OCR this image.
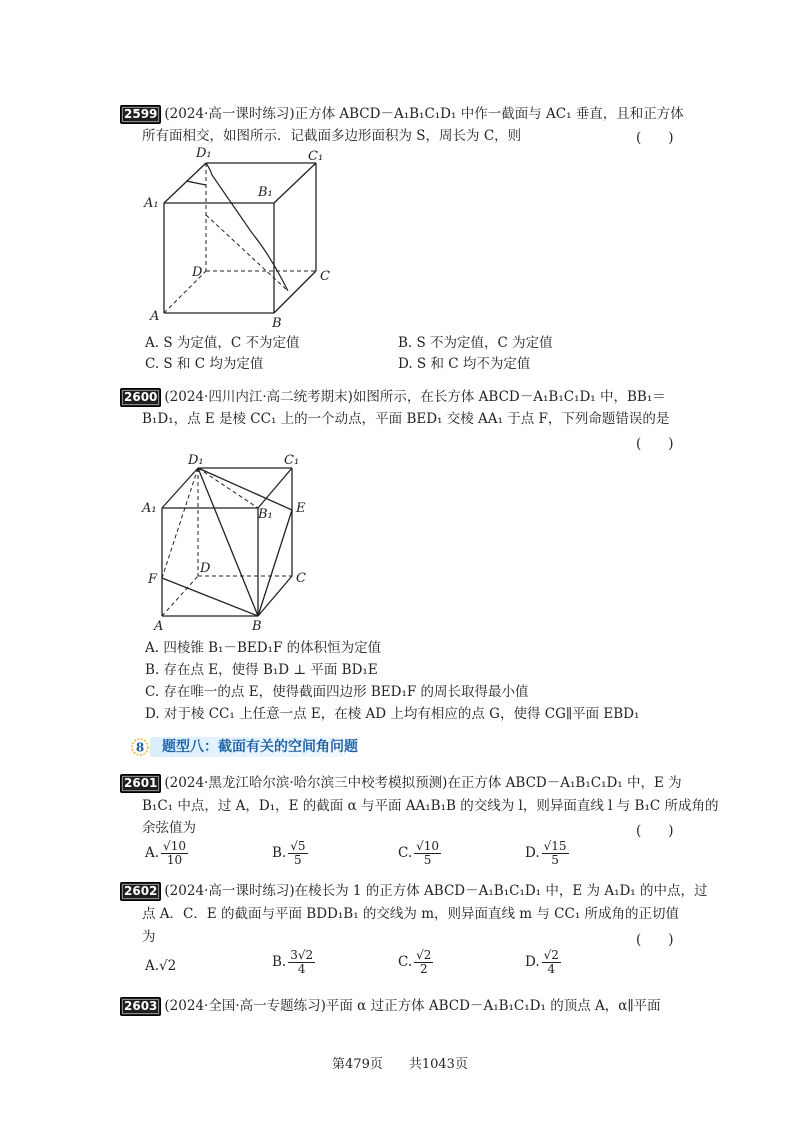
2599 (2024·高一课时练习)正方体 ABCD－A₁B₁C₁D₁ 中作一截面与 AC₁ 垂直，且和正方体
所有面相交，如图所示．记截面多边形面积为 S，周长为 C，则	(　　)
D₁	C₁
A₁
B₁
D	C
A	B
A. S 为定值，C 不为定值	B. S 不为定值，C 为定值
C. S 和 C 均为定值	D. S 和 C 均不为定值
2600 (2024·四川内江·高二统考期末)如图所示，在长方体 ABCD－A₁B₁C₁D₁ 中，BB₁＝
B₁D₁，点 E 是棱 CC₁ 上的一个动点，平面 BED₁ 交棱 AA₁ 于点 F，下列命题错误的是
(　　)
D₁	C₁
A₁	B₁ E
F
D
C
A	B
A. 四棱锥 B₁－BED₁F 的体积恒为定值
B. 存在点 E，使得 B₁D ⊥ 平面 BD₁E
C. 存在唯一的点 E，使得截面四边形 BED₁F 的周长取得最小值
D. 对于棱 CC₁ 上任意一点 E，在棱 AD 上均有相应的点 G，使得 CG∥平面 EBD₁
8 题型八：截面有关的空间角问题
2601 (2024·黑龙江哈尔滨·哈尔滨三中校考模拟预测)在正方体 ABCD－A₁B₁C₁D₁ 中，E 为
B₁C₁ 中点，过 A，D₁，E 的截面 α 与平面 AA₁B₁B 的交线为 l，则异面直线 l 与 B₁C 所成角的
余弦值为	(　　)
A. $\frac{√10}{10}$	B. $\frac{√5}{5}$	C. $\frac{√10}{5}$	D. $\frac{√15}{5}$
2602 (2024·高一课时练习)在棱长为 1 的正方体 ABCD－A₁B₁C₁D₁ 中，E 为 A₁D₁ 的中点，过
点 A．C．E 的截面与平面 BDD₁B₁ 的交线为 m，则异面直线 m 与 CC₁ 所成角的正切值
为	(　　)
A.√2	B. $\frac{3√2}{4}$	C. $\frac{√2}{2}$	D. $\frac{√2}{4}$
2603 (2024·全国·高一专题练习)平面 α 过正方体 ABCD－A₁B₁C₁D₁ 的顶点 A，α∥平面
第479页　　共1043页
